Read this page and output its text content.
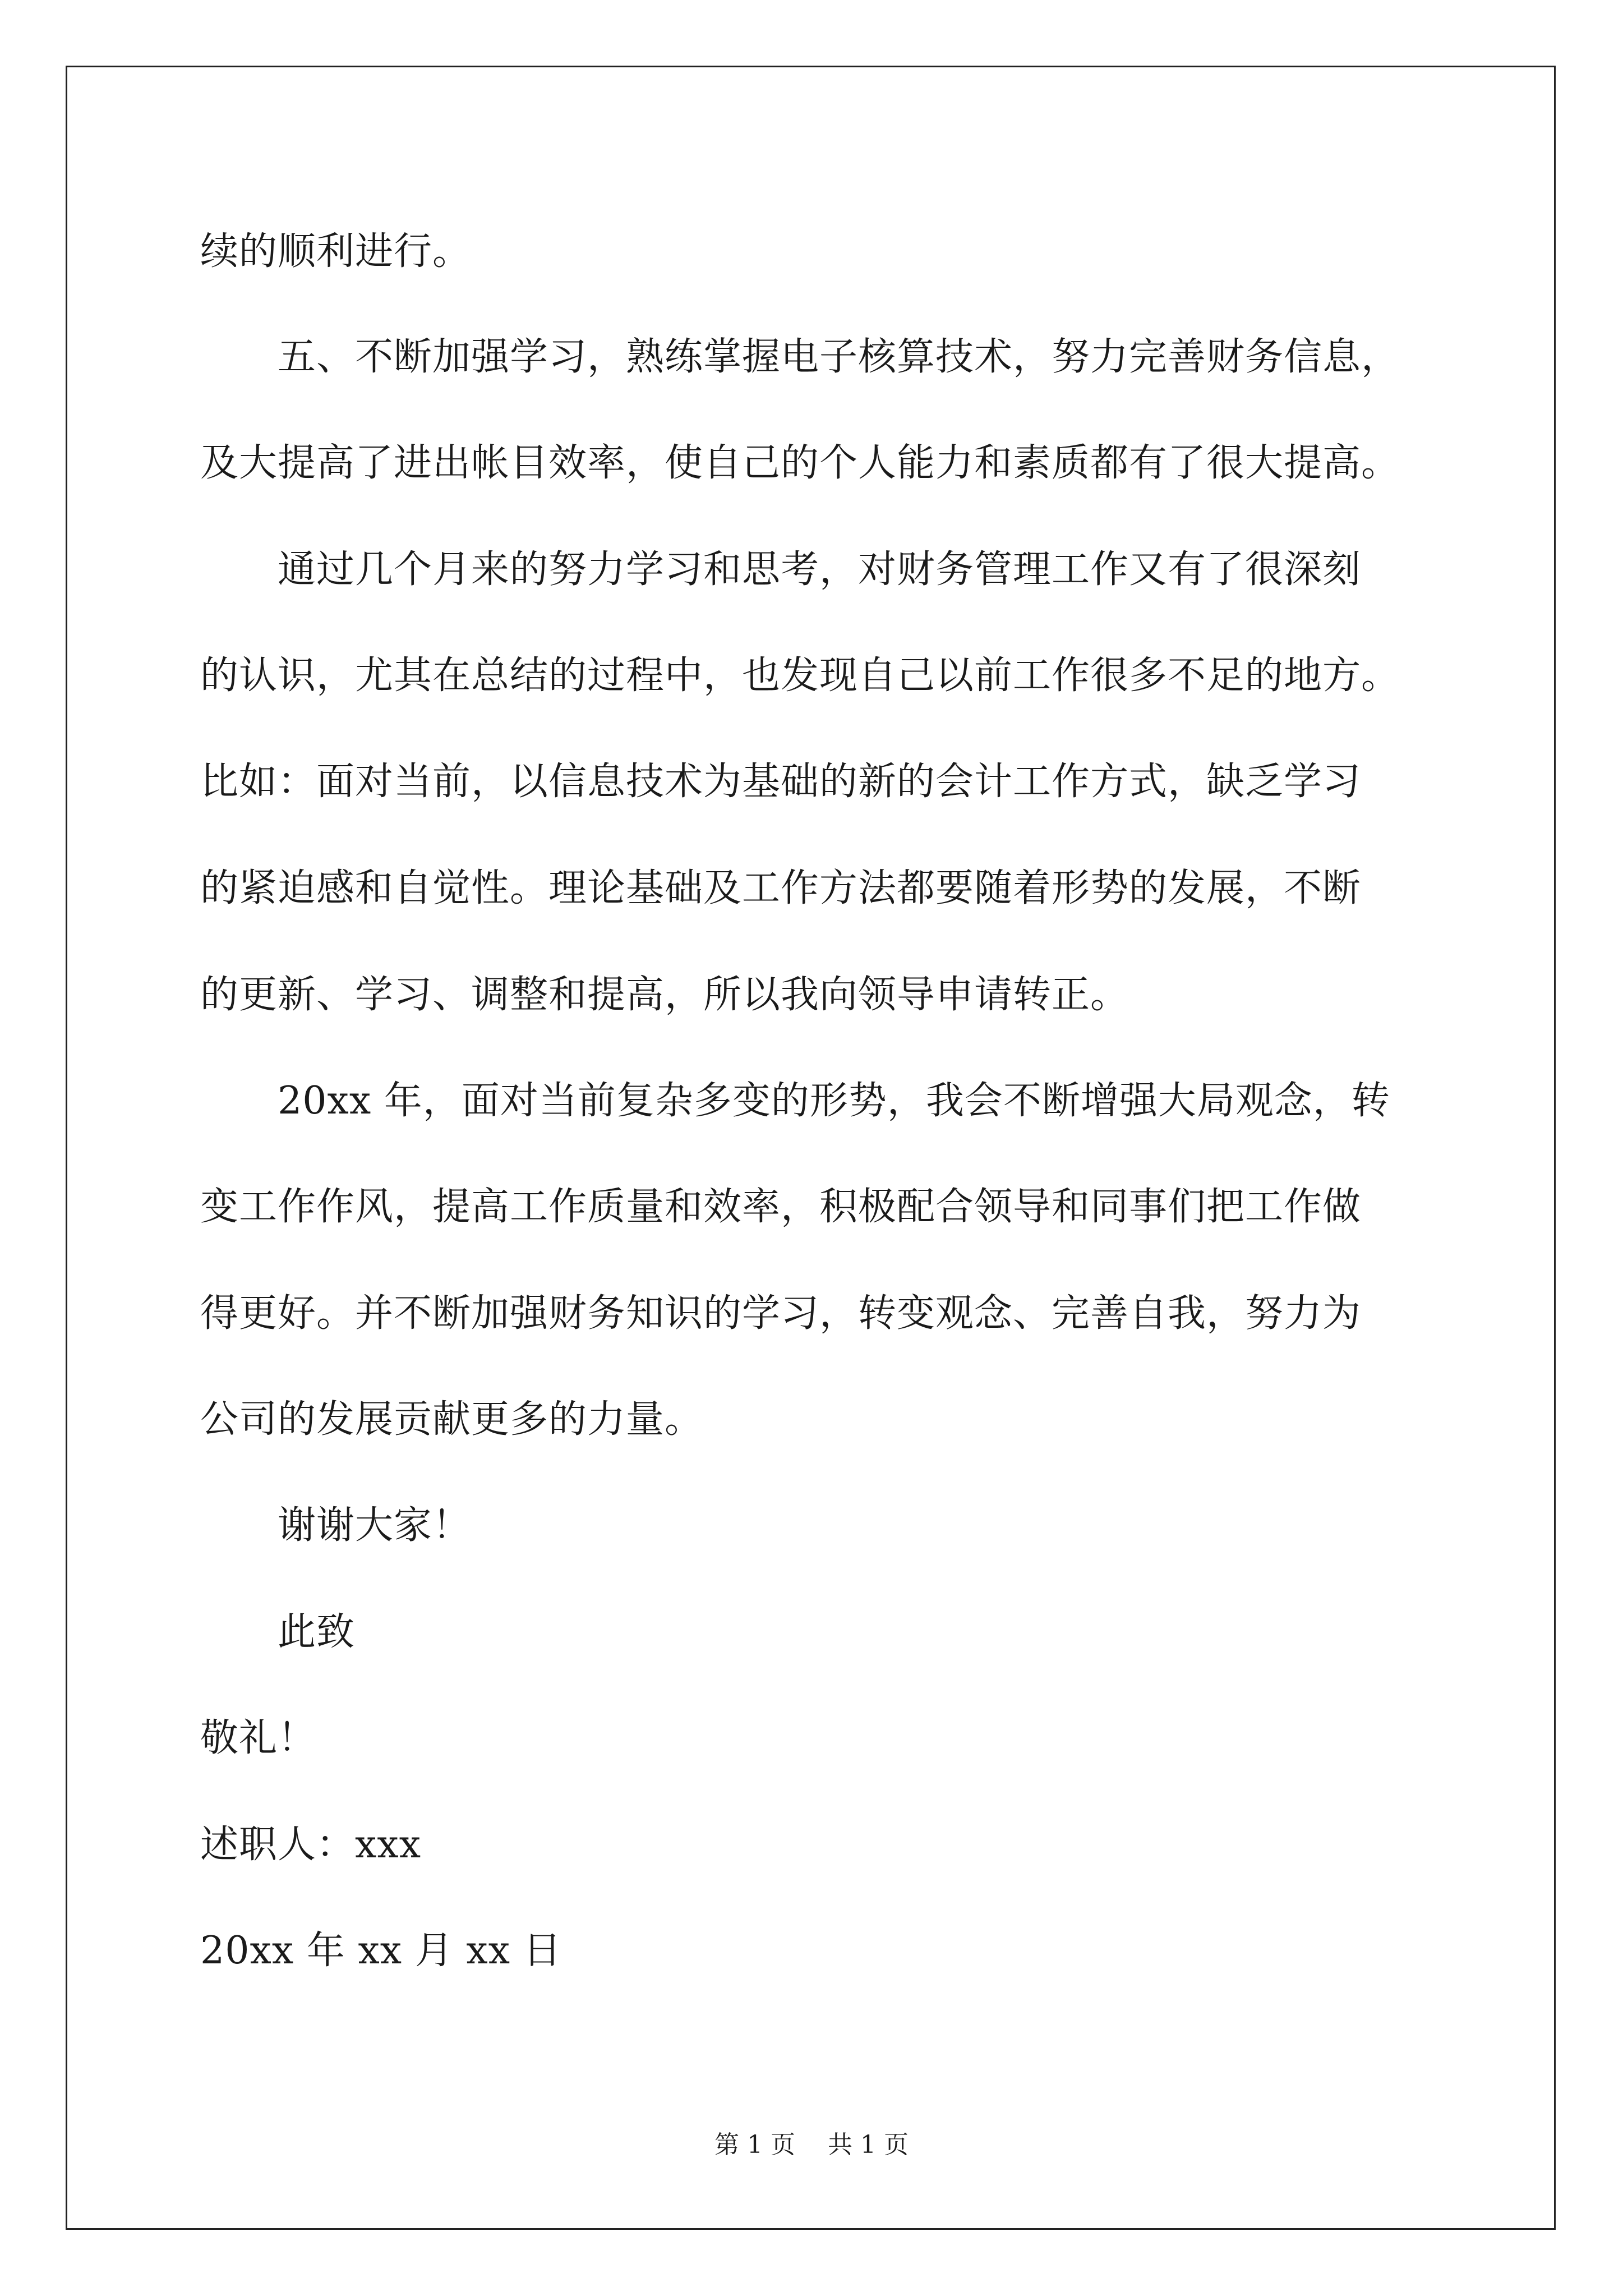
续的顺利进行。

　　五、不断加强学习，熟练掌握电子核算技术，努力完善财务信息，

及大提高了进出帐目效率，使自己的个人能力和素质都有了很大提高。

　　通过几个月来的努力学习和思考，对财务管理工作又有了很深刻

的认识，尤其在总结的过程中，也发现自己以前工作很多不足的地方。

比如：面对当前，以信息技术为基础的新的会计工作方式，缺乏学习

的紧迫感和自觉性。理论基础及工作方法都要随着形势的发展，不断

的更新、学习、调整和提高，所以我向领导申请转正。

　　20xx 年，面对当前复杂多变的形势，我会不断增强大局观念，转

变工作作风，提高工作质量和效率，积极配合领导和同事们把工作做

得更好。并不断加强财务知识的学习，转变观念、完善自我，努力为

公司的发展贡献更多的力量。

　　谢谢大家！

　　此致

敬礼！

述职人：xxx

20xx 年 xx 月 xx 日

第 1 页　 共 1 页
